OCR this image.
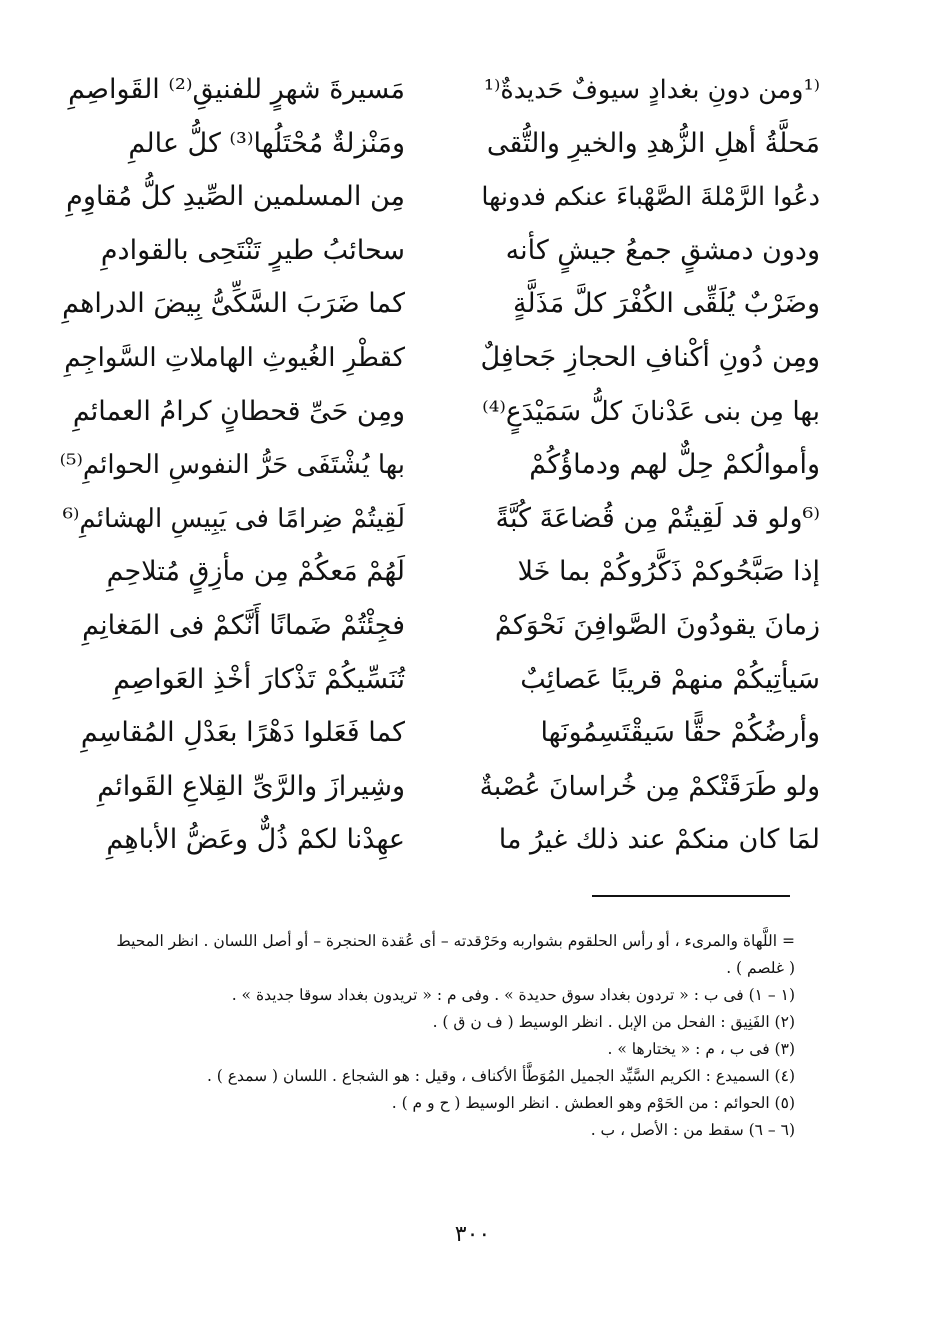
⁽¹ومن دونِ بغدادٍ سيوفٌ حَديدةٌ⁽¹
مَسيرةَ شهرٍ للفنيقِ⁽²⁾ القَواصِمِ
مَحلَّةُ أهلِ الزُّهدِ والخيرِ والتُّقى
ومَنْزلةٌ مُحْتَلُها⁽³⁾ كلُّ عالمِ
دعُوا الرَّمْلةَ الصَّهْباءَ عنكم فدونها
مِن المسلمين الصِّيدِ كلُّ مُقاوِمِ
ودون دمشقٍ جمعُ جيشٍ كأنه
سحائبُ طيرٍ تَنْتَحِى بالقوادمِ
وضَرْبٌ يُلَقِّى الكُفْرَ كلَّ مَذَلَّةٍ
كما ضَرَبَ السَّكِّىُّ بِيضَ الدراهمِ
ومِن دُونِ أكْنافِ الحجازِ جَحافِلٌ
كقطْرِ الغُيوثِ الهاملاتِ السَّواجِمِ
بها مِن بنى عَدْنانَ كلُّ سَمَيْدَعٍ⁽⁴⁾
ومِن حَىِّ قحطانٍ كرامُ العمائمِ
وأموالُكمْ حِلٌّ لهم ودماؤُكُمْ
بها يُشْتَفَى حَرُّ النفوسِ الحوائمِ⁽⁵⁾
⁽⁶ولو قد لَقِيتُمْ مِن قُضاعَةَ كُبَّةً
لَقِيتُمْ ضِرامًا فى يَبِيسِ الهشائمِ⁽⁶
إذا صَبَّحُوكمْ ذَكَّرُوكُمْ بما خَلا
لَهُمْ مَعكُمْ مِن مأزِقٍ مُتلاحِمِ
زمانَ يقودُونَ الصَّوافِنَ نَحْوَكمْ
فجِئْتُمْ ضَمانًا أَنَّكمْ فى المَغانِمِ
سَيأتِيكُمْ منهمْ قريبًا عَصائِبٌ
تُنَسِّيكُمْ تَذْكارَ أخْذِ العَواصِمِ
وأرضُكُمْ حقًّا سَيقْتَسِمُونَها
كما فَعَلوا دَهْرًا بعَدْلِ المُقاسِمِ
ولو طَرَقَتْكمْ مِن خُراسانَ عُصْبةٌ
وشِيرازَ والرَّىِّ القِلاعِ القَوائمِ
لمَا كان منكمْ عند ذلك غيرُ ما
عهِدْنا لكمْ ذُلٌّ وعَضُّ الأباهِمِ
= اللَّهاة والمرىء ، أو رأس الحلقوم بشواربه وحَرْقدته – أى عُقدة الحنجرة – أو أصل اللسان . انظر المحيط
( غلصم ) .
(١ – ١) فى ب : « تردون بغداد سوق حديدة » . وفى م : « تريدون بغداد سوقا جديدة » .
(٢) الفَنِيق : الفحل من الإبل . انظر الوسيط ( ف ن ق ) .
(٣) فى ب ، م : « يختارها » .
(٤) السميدع : الكريم السَّيِّد الجميل المُوَطَّأ الأكناف ، وقيل : هو الشجاع . اللسان ( سمدع ) .
(٥) الحوائم : من الحَوْم وهو العطش . انظر الوسيط ( ح و م ) .
(٦ – ٦) سقط من : الأصل ، ب .
٣٠٠
